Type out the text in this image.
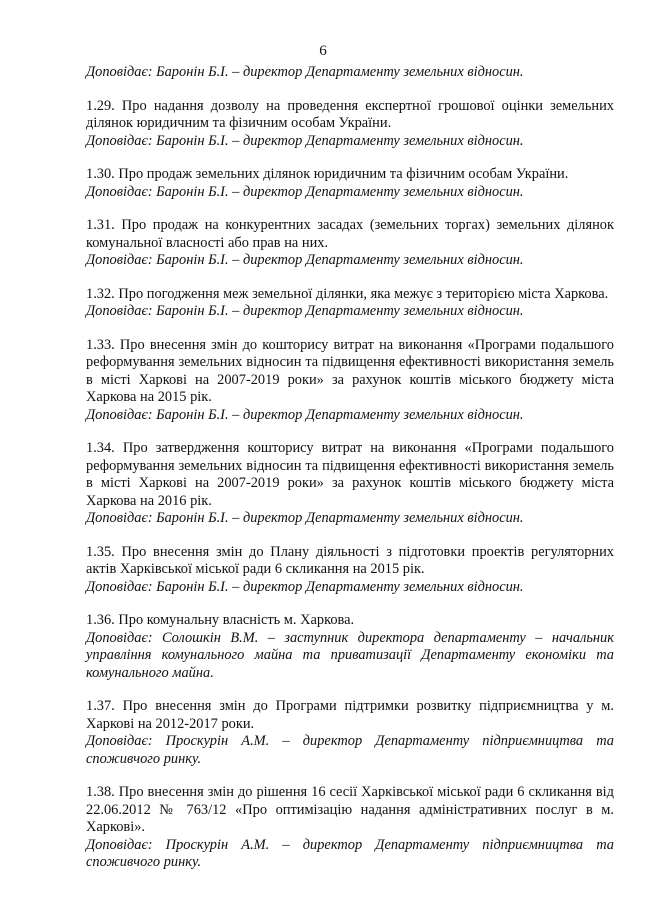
6

Доповідає: Баронін Б.І. – директор Департаменту земельних відносин.

1.29. Про надання дозволу на проведення експертної грошової оцінки земельних ділянок юридичним та фізичним особам України.

Доповідає: Баронін Б.І. – директор Департаменту земельних відносин.

1.30. Про продаж земельних ділянок юридичним та фізичним особам України.

Доповідає: Баронін Б.І. – директор Департаменту земельних відносин.

1.31. Про продаж на конкурентних засадах (земельних торгах) земельних ділянок комунальної власності або прав на них.

Доповідає: Баронін Б.І. – директор Департаменту земельних відносин.

1.32. Про погодження меж земельної ділянки, яка межує з територією міста Харкова.

Доповідає: Баронін Б.І. – директор Департаменту земельних відносин.

1.33. Про внесення змін до кошторису витрат на виконання «Програми подальшого реформування земельних відносин та підвищення ефективності використання земель в місті Харкові на 2007-2019 роки» за рахунок коштів міського бюджету міста Харкова на 2015 рік.

Доповідає: Баронін Б.І. – директор Департаменту земельних відносин.

1.34. Про затвердження кошторису витрат на виконання «Програми подальшого реформування земельних відносин та підвищення ефективності використання земель в місті Харкові на 2007-2019 роки» за рахунок коштів міського бюджету міста Харкова на 2016 рік.

Доповідає: Баронін Б.І. – директор Департаменту земельних відносин.

1.35. Про внесення змін до Плану діяльності з підготовки проектів регуляторних актів Харківської міської ради 6 скликання на 2015 рік.

Доповідає: Баронін Б.І. – директор Департаменту земельних відносин.

1.36. Про комунальну власність м. Харкова.

Доповідає: Солошкін В.М. – заступник директора департаменту – начальник управління комунального майна та приватизації Департаменту економіки та комунального майна.

1.37. Про внесення змін до Програми підтримки розвитку підприємництва у м. Харкові на 2012-2017 роки.

Доповідає: Проскурін А.М. – директор Департаменту підприємництва та споживчого ринку.

1.38. Про внесення змін до рішення 16 сесії Харківської міської ради 6 скликання від 22.06.2012 № 763/12 «Про оптимізацію надання адміністративних послуг в м. Харкові».

Доповідає: Проскурін А.М. – директор Департаменту підприємництва та споживчого ринку.
